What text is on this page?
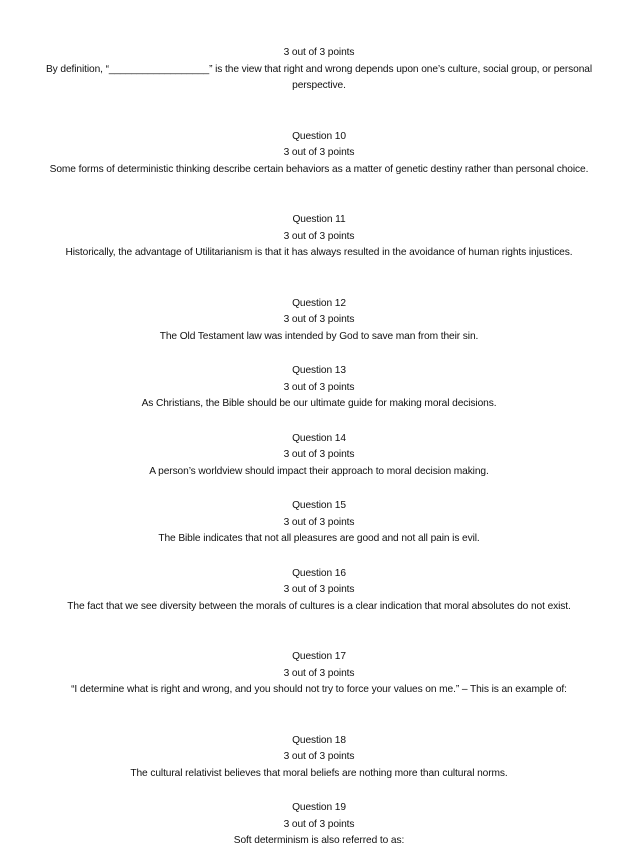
3 out of 3 points
By definition, “__________________” is the view that right and wrong depends upon one’s culture, social group, or personal perspective.
Question 10
3 out of 3 points
Some forms of deterministic thinking describe certain behaviors as a matter of genetic destiny rather than personal choice.
Question 11
3 out of 3 points
Historically, the advantage of Utilitarianism is that it has always resulted in the avoidance of human rights injustices.
Question 12
3 out of 3 points
The Old Testament law was intended by God to save man from their sin.
Question 13
3 out of 3 points
As Christians, the Bible should be our ultimate guide for making moral decisions.
Question 14
3 out of 3 points
A person’s worldview should impact their approach to moral decision making.
Question 15
3 out of 3 points
The Bible indicates that not all pleasures are good and not all pain is evil.
Question 16
3 out of 3 points
The fact that we see diversity between the morals of cultures is a clear indication that moral absolutes do not exist.
Question 17
3 out of 3 points
“I determine what is right and wrong, and you should not try to force your values on me.” – This is an example of:
Question 18
3 out of 3 points
The cultural relativist believes that moral beliefs are nothing more than cultural norms.
Question 19
3 out of 3 points
Soft determinism is also referred to as:
